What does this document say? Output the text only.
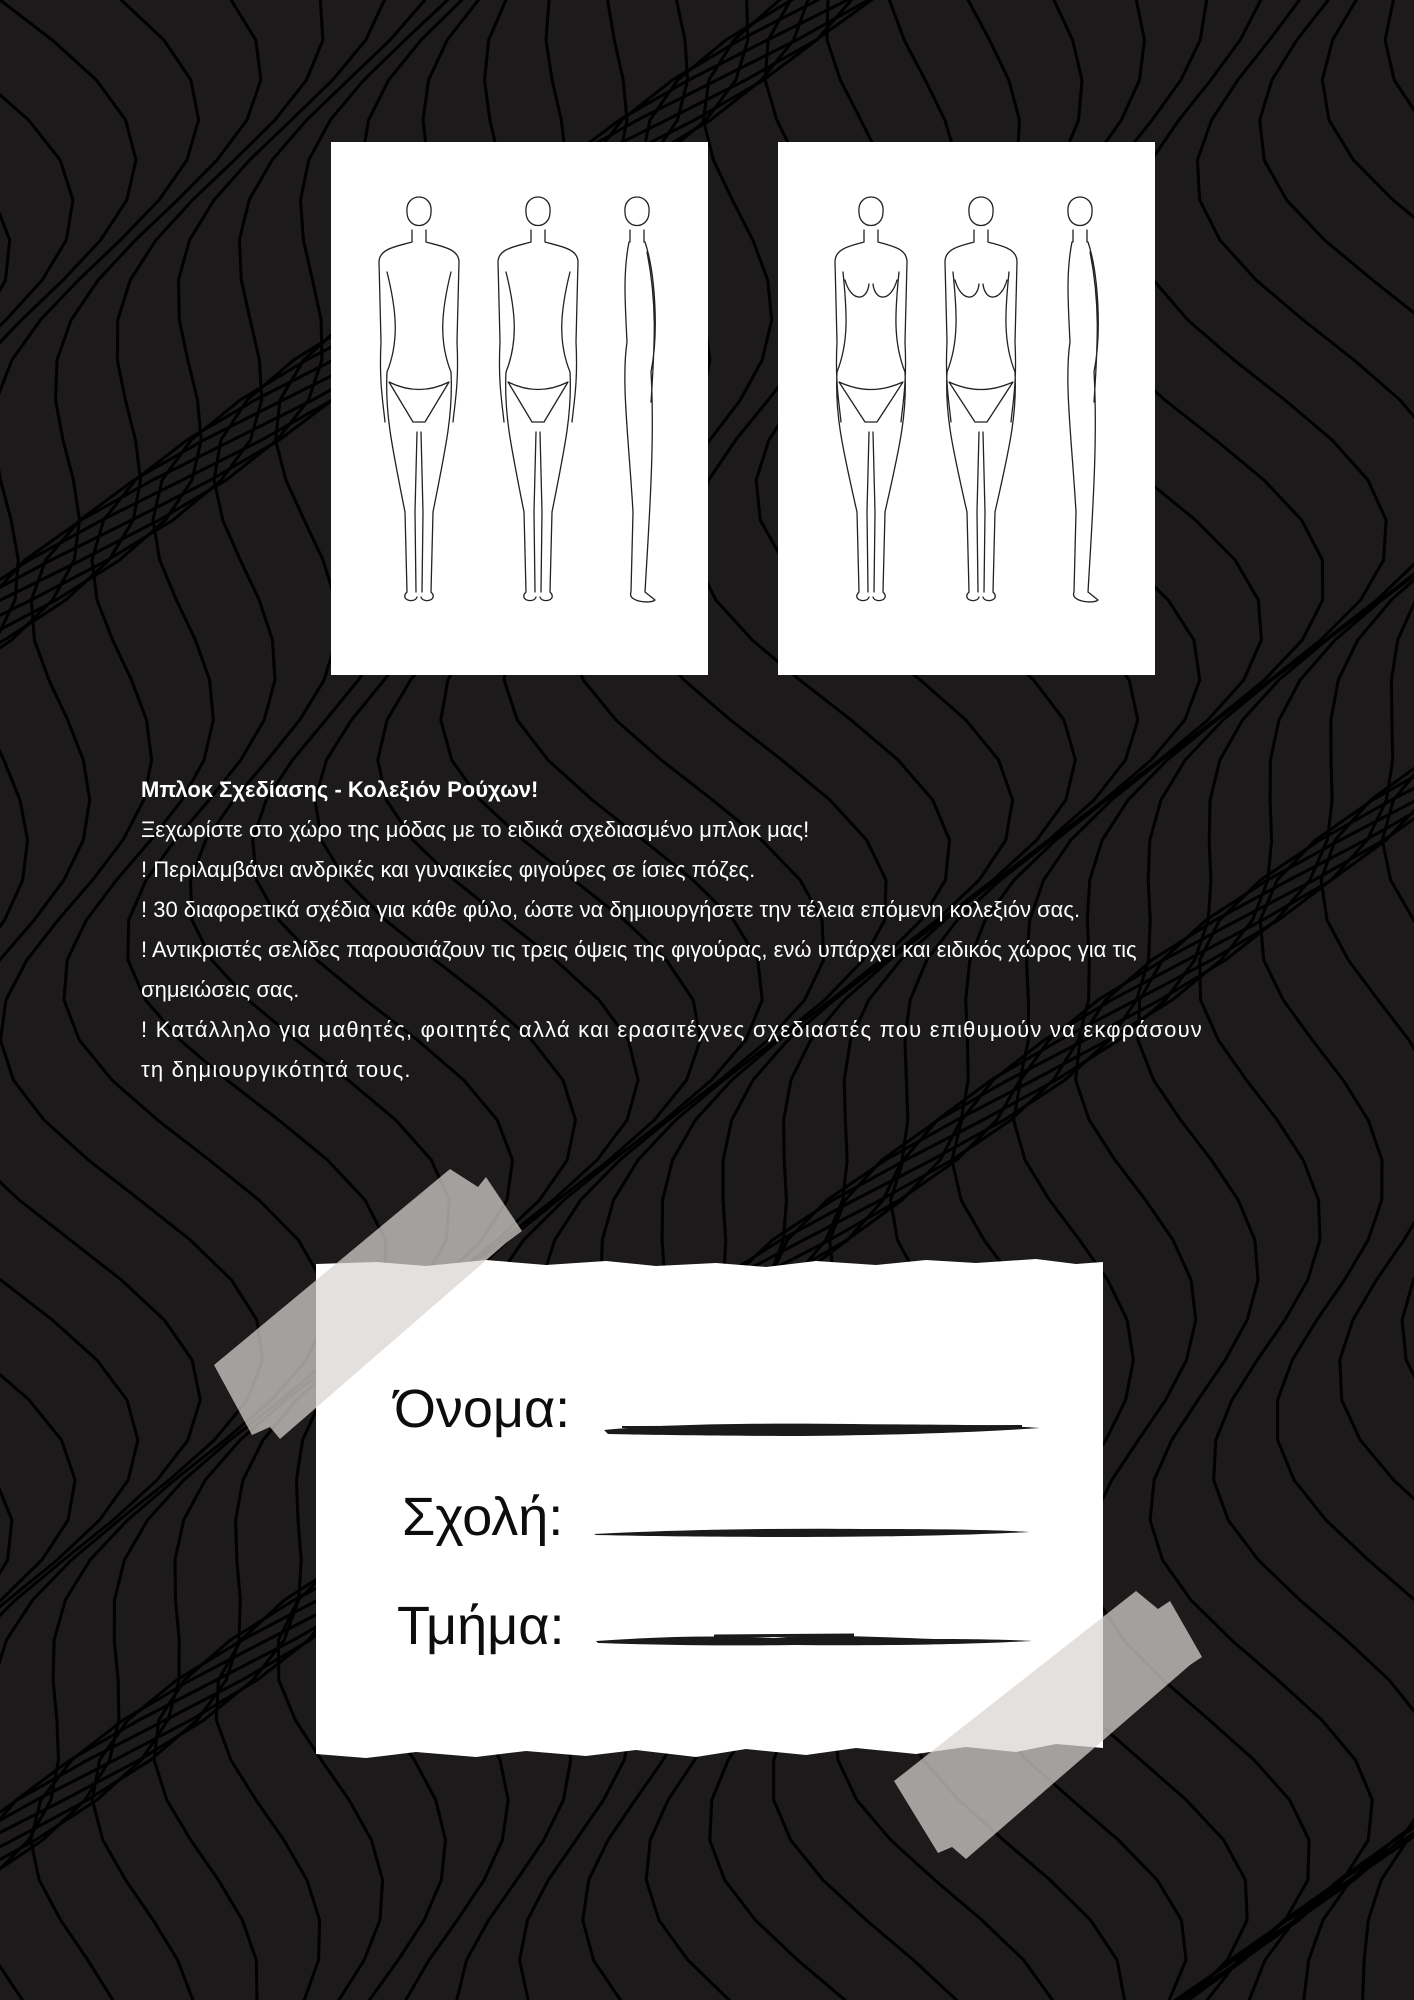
Μπλοκ Σχεδίασης - Κολεξιόν Ρούχων!

Ξεχωρίστε στο χώρο της μόδας με το ειδικά σχεδιασμένο μπλοκ μας!

! Περιλαμβάνει ανδρικές και γυναικείες φιγούρες σε ίσιες πόζες.

! 30 διαφορετικά σχέδια για κάθε φύλο, ώστε να δημιουργήσετε την τέλεια επόμενη κολεξιόν σας.

! Αντικριστές σελίδες παρουσιάζουν τις τρεις όψεις της φιγούρας, ενώ υπάρχει και ειδικός χώρος για τις σημειώσεις σας.

! Κατάλληλο για μαθητές, φοιτητές αλλά και ερασιτέχνες σχεδιαστές που επιθυμούν να εκφράσουν τη δημιουργικότητά τους.

Όνομα:
Σχολή:
Τμήμα:
